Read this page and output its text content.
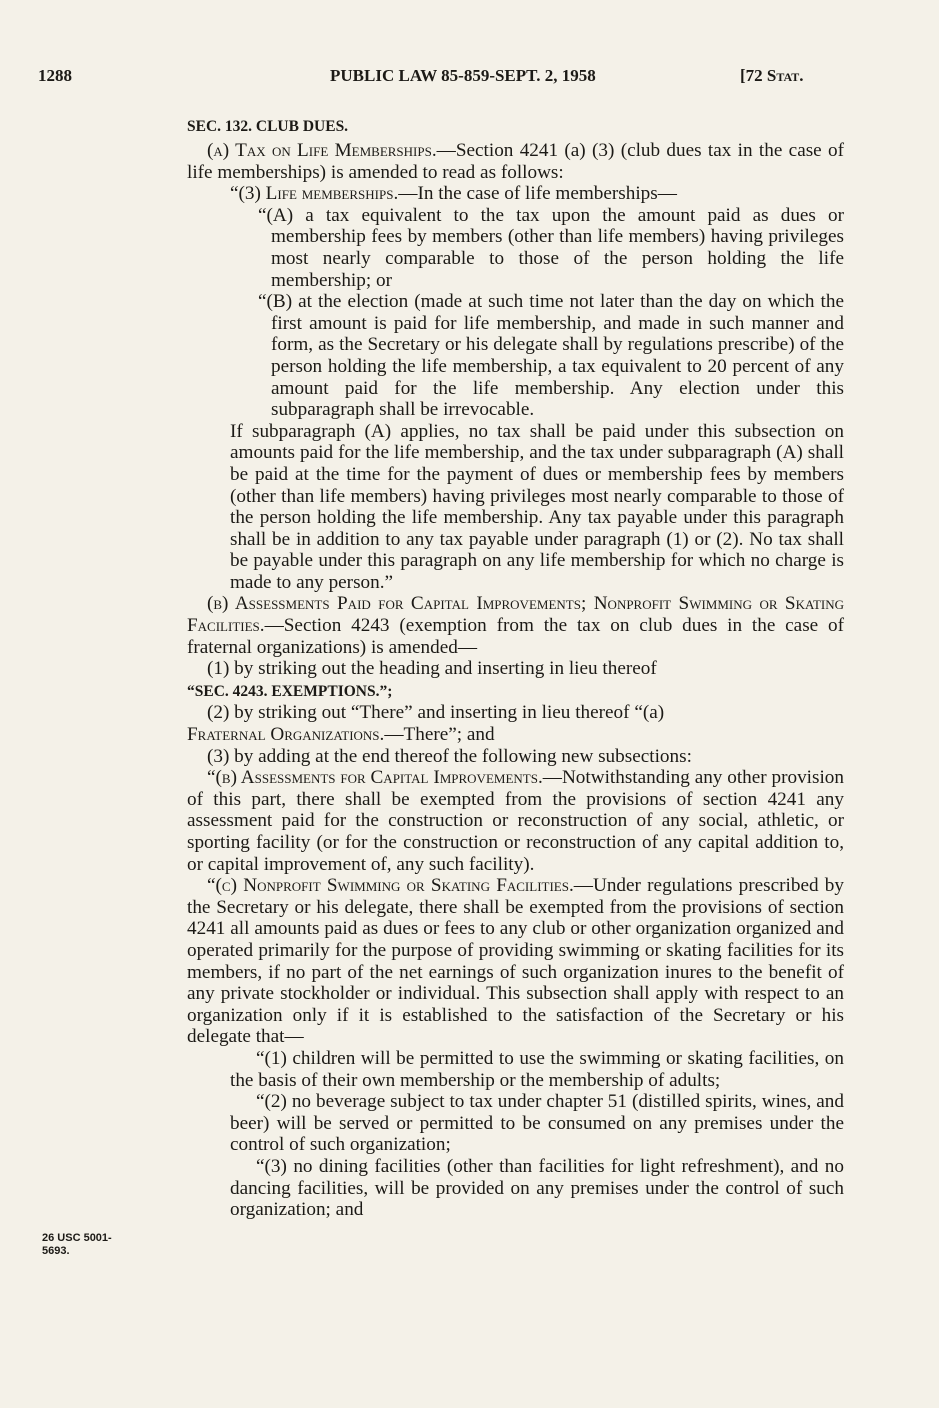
1288	PUBLIC LAW 85-859-SEPT. 2, 1958	[72 Stat.

SEC. 132. CLUB DUES.

(a) Tax on Life Memberships.—Section 4241 (a) (3) (club dues tax in the case of life memberships) is amended to read as follows:

“(3) Life memberships.—In the case of life memberships—

“(A) a tax equivalent to the tax upon the amount paid as dues or membership fees by members (other than life members) having privileges most nearly comparable to those of the person holding the life membership; or

“(B) at the election (made at such time not later than the day on which the first amount is paid for life membership, and made in such manner and form, as the Secretary or his delegate shall by regulations prescribe) of the person holding the life membership, a tax equivalent to 20 percent of any amount paid for the life membership. Any election under this subparagraph shall be irrevocable.

If subparagraph (A) applies, no tax shall be paid under this subsection on amounts paid for the life membership, and the tax under subparagraph (A) shall be paid at the time for the payment of dues or membership fees by members (other than life members) having privileges most nearly comparable to those of the person holding the life membership. Any tax payable under this paragraph shall be in addition to any tax payable under paragraph (1) or (2). No tax shall be payable under this paragraph on any life membership for which no charge is made to any person.”

(b) Assessments Paid for Capital Improvements; Nonprofit Swimming or Skating Facilities.—Section 4243 (exemption from the tax on club dues in the case of fraternal organizations) is amended—

(1) by striking out the heading and inserting in lieu thereof
“SEC. 4243. EXEMPTIONS.”;

(2) by striking out “There” and inserting in lieu thereof “(a)
Fraternal Organizations.—There”; and

(3) by adding at the end thereof the following new subsections:

“(b) Assessments for Capital Improvements.—Notwithstanding any other provision of this part, there shall be exempted from the provisions of section 4241 any assessment paid for the construction or reconstruction of any social, athletic, or sporting facility (or for the construction or reconstruction of any capital addition to, or capital improvement of, any such facility).

“(c) Nonprofit Swimming or Skating Facilities.—Under regulations prescribed by the Secretary or his delegate, there shall be exempted from the provisions of section 4241 all amounts paid as dues or fees to any club or other organization organized and operated primarily for the purpose of providing swimming or skating facilities for its members, if no part of the net earnings of such organization inures to the benefit of any private stockholder or individual. This subsection shall apply with respect to an organization only if it is established to the satisfaction of the Secretary or his delegate that—

“(1) children will be permitted to use the swimming or skating facilities, on the basis of their own membership or the membership of adults;

“(2) no beverage subject to tax under chapter 51 (distilled spirits, wines, and beer) will be served or permitted to be consumed on any premises under the control of such organization;

“(3) no dining facilities (other than facilities for light refreshment), and no dancing facilities, will be provided on any premises under the control of such organization; and

26 USC 5001-
5693.
